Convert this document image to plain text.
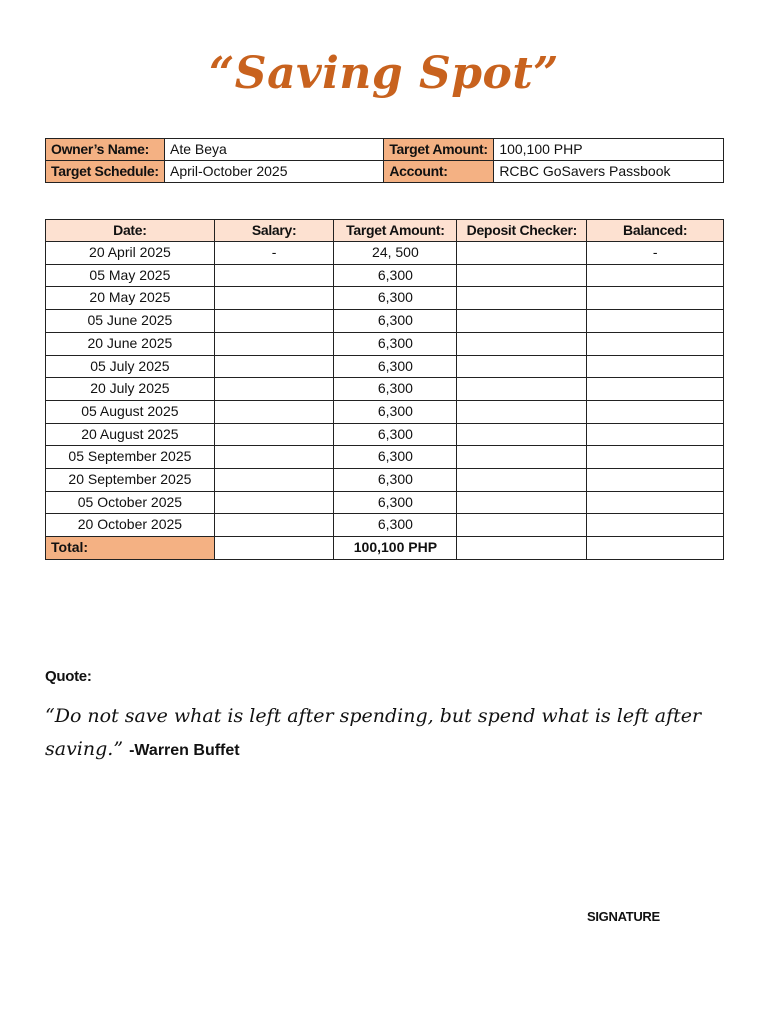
“Saving Spot”
Owner’s Name:	Ate Beya	Target Amount:	100,100 PHP
Target Schedule:	April-October 2025	Account:	RCBC GoSavers Passbook
Date:	Salary:	Target Amount:	Deposit Checker:	Balanced:
20 April 2025	-	24, 500		-
05 May 2025		6,300		
20 May 2025		6,300		
05 June 2025		6,300		
20 June 2025		6,300		
05 July 2025		6,300		
20 July 2025		6,300		
05 August 2025		6,300		
20 August 2025		6,300		
05 September 2025		6,300		
20 September 2025		6,300		
05 October 2025		6,300		
20 October 2025		6,300		
Total:		100,100 PHP		
Quote:
“Do not save what is left after spending, but spend what is left after saving.” -Warren Buffet
SIGNATURE
